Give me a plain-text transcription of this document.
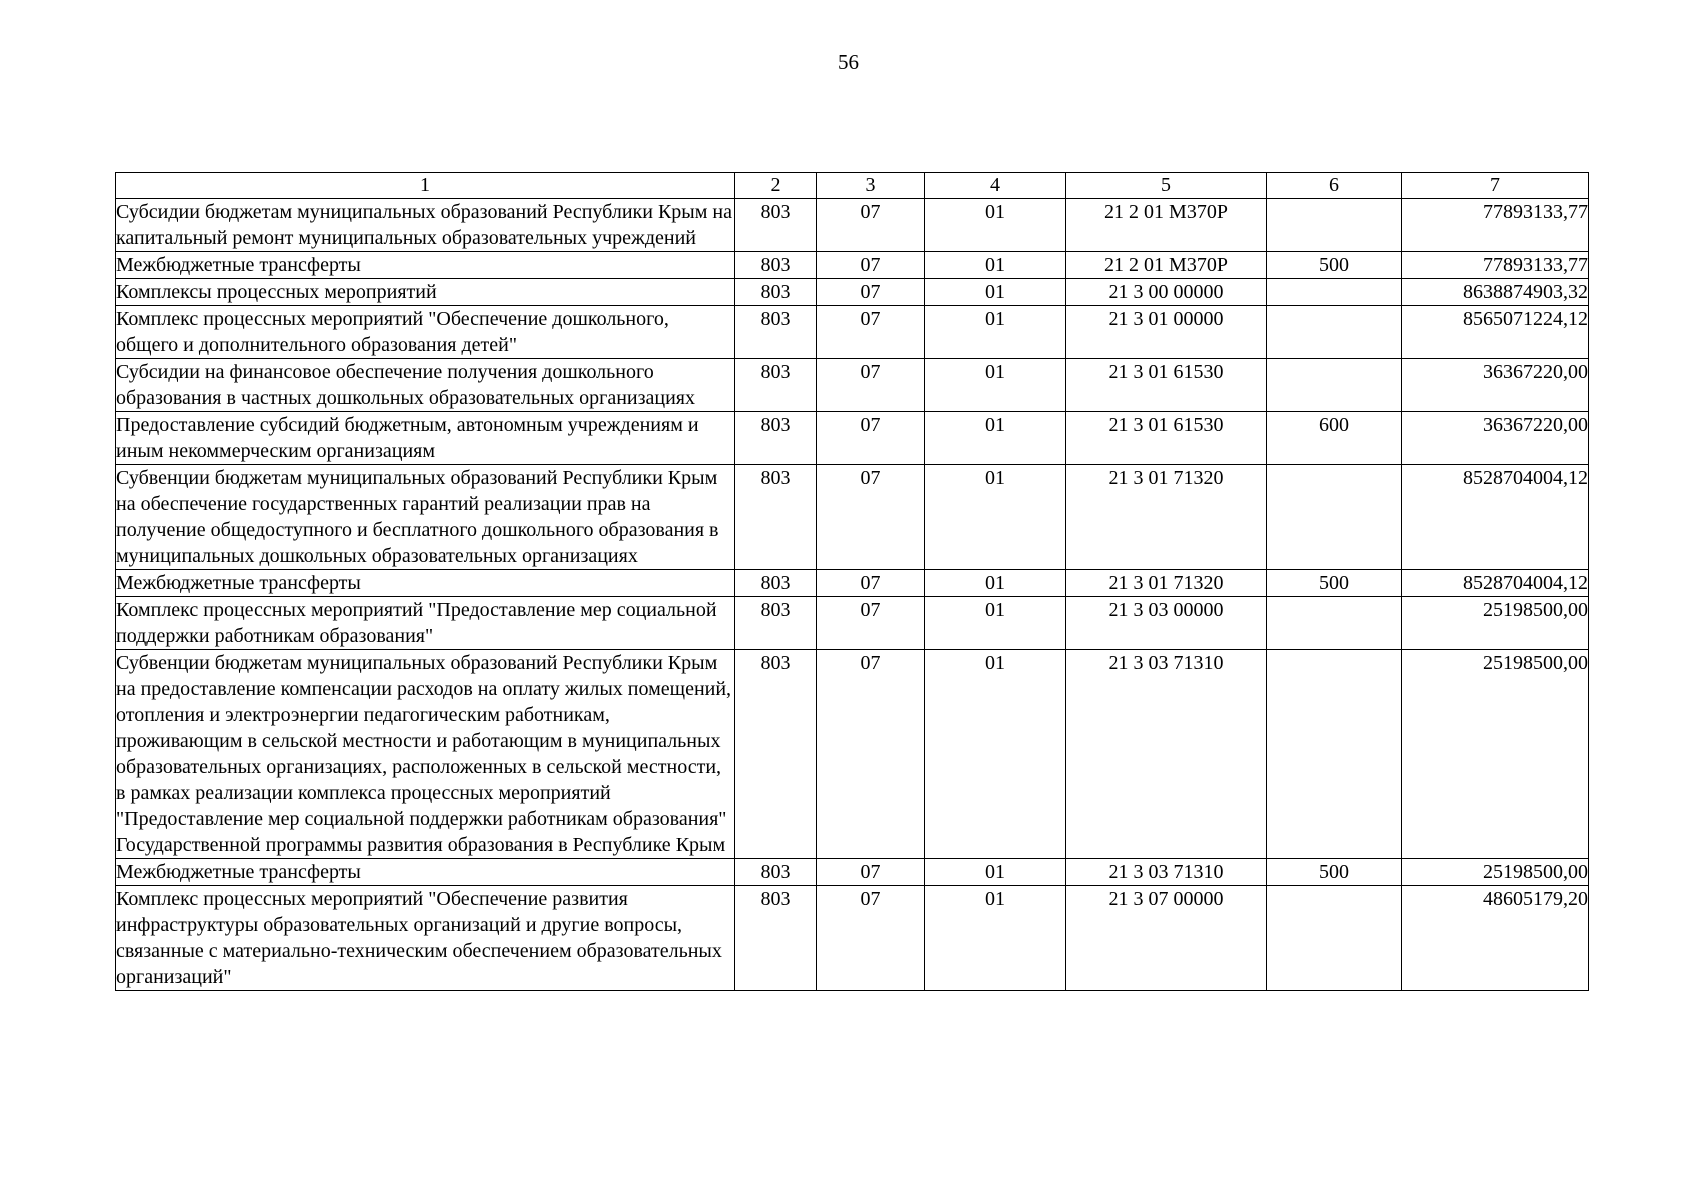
56
1	2	3	4	5	6	7
Субсидии бюджетам муниципальных образований Республики Крым на капитальный ремонт муниципальных образовательных учреждений	803	07	01	21 2 01 М370Р		77893133,77
Межбюджетные трансферты	803	07	01	21 2 01 М370Р	500	77893133,77
Комплексы процессных мероприятий	803	07	01	21 3 00 00000		8638874903,32
Комплекс процессных мероприятий "Обеспечение дошкольного, общего и дополнительного образования детей"	803	07	01	21 3 01 00000		8565071224,12
Субсидии на финансовое обеспечение получения дошкольного образования в частных дошкольных образовательных организациях	803	07	01	21 3 01 61530		36367220,00
Предоставление субсидий бюджетным, автономным учреждениям и иным некоммерческим организациям	803	07	01	21 3 01 61530	600	36367220,00
Субвенции бюджетам муниципальных образований Республики Крым на обеспечение государственных гарантий реализации прав на получение общедоступного и бесплатного дошкольного образования в муниципальных дошкольных образовательных организациях	803	07	01	21 3 01 71320		8528704004,12
Межбюджетные трансферты	803	07	01	21 3 01 71320	500	8528704004,12
Комплекс процессных мероприятий "Предоставление мер социальной поддержки работникам образования"	803	07	01	21 3 03 00000		25198500,00
Субвенции бюджетам муниципальных образований Республики Крым на предоставление компенсации расходов на оплату жилых помещений, отопления и электроэнергии педагогическим работникам, проживающим в сельской местности и работающим в муниципальных образовательных организациях, расположенных в сельской местности, в рамках реализации комплекса процессных мероприятий "Предоставление мер социальной поддержки работникам образования" Государственной программы развития образования в Республике Крым	803	07	01	21 3 03 71310		25198500,00
Межбюджетные трансферты	803	07	01	21 3 03 71310	500	25198500,00
Комплекс процессных мероприятий "Обеспечение развития инфраструктуры образовательных организаций и другие вопросы, связанные с материально-техническим обеспечением образовательных организаций"	803	07	01	21 3 07 00000		48605179,20
